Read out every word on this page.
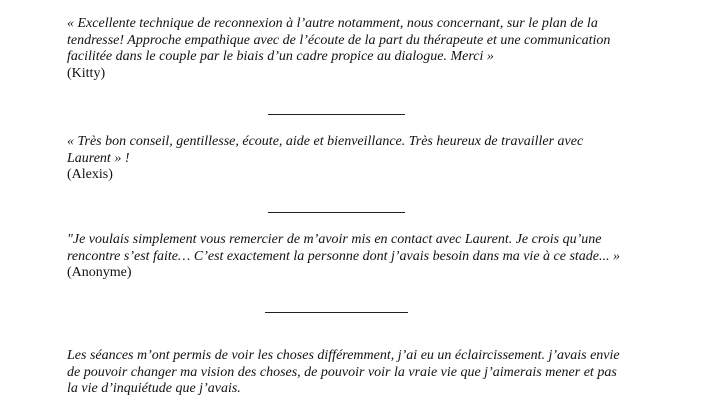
« Excellente technique de reconnexion à l’autre notamment, nous concernant, sur le plan de la
tendresse! Approche empathique avec de l’écoute de la part du thérapeute et une communication
facilitée dans le couple par le biais d’un cadre propice au dialogue. Merci »

(Kitty)

« Très bon conseil, gentillesse, écoute, aide et bienveillance. Très heureux de travailler avec
Laurent » !

(Alexis)

"Je voulais simplement vous remercier de m’avoir mis en contact avec Laurent. Je crois qu’une
rencontre s’est faite… C’est exactement la personne dont j’avais besoin dans ma vie à ce stade... »

(Anonyme)

Les séances m’ont permis de voir les choses différemment, j’ai eu un éclaircissement. j’avais envie
de pouvoir changer ma vision des choses, de pouvoir voir la vraie vie que j’aimerais mener et pas
la vie d’inquiétude que j’avais.
